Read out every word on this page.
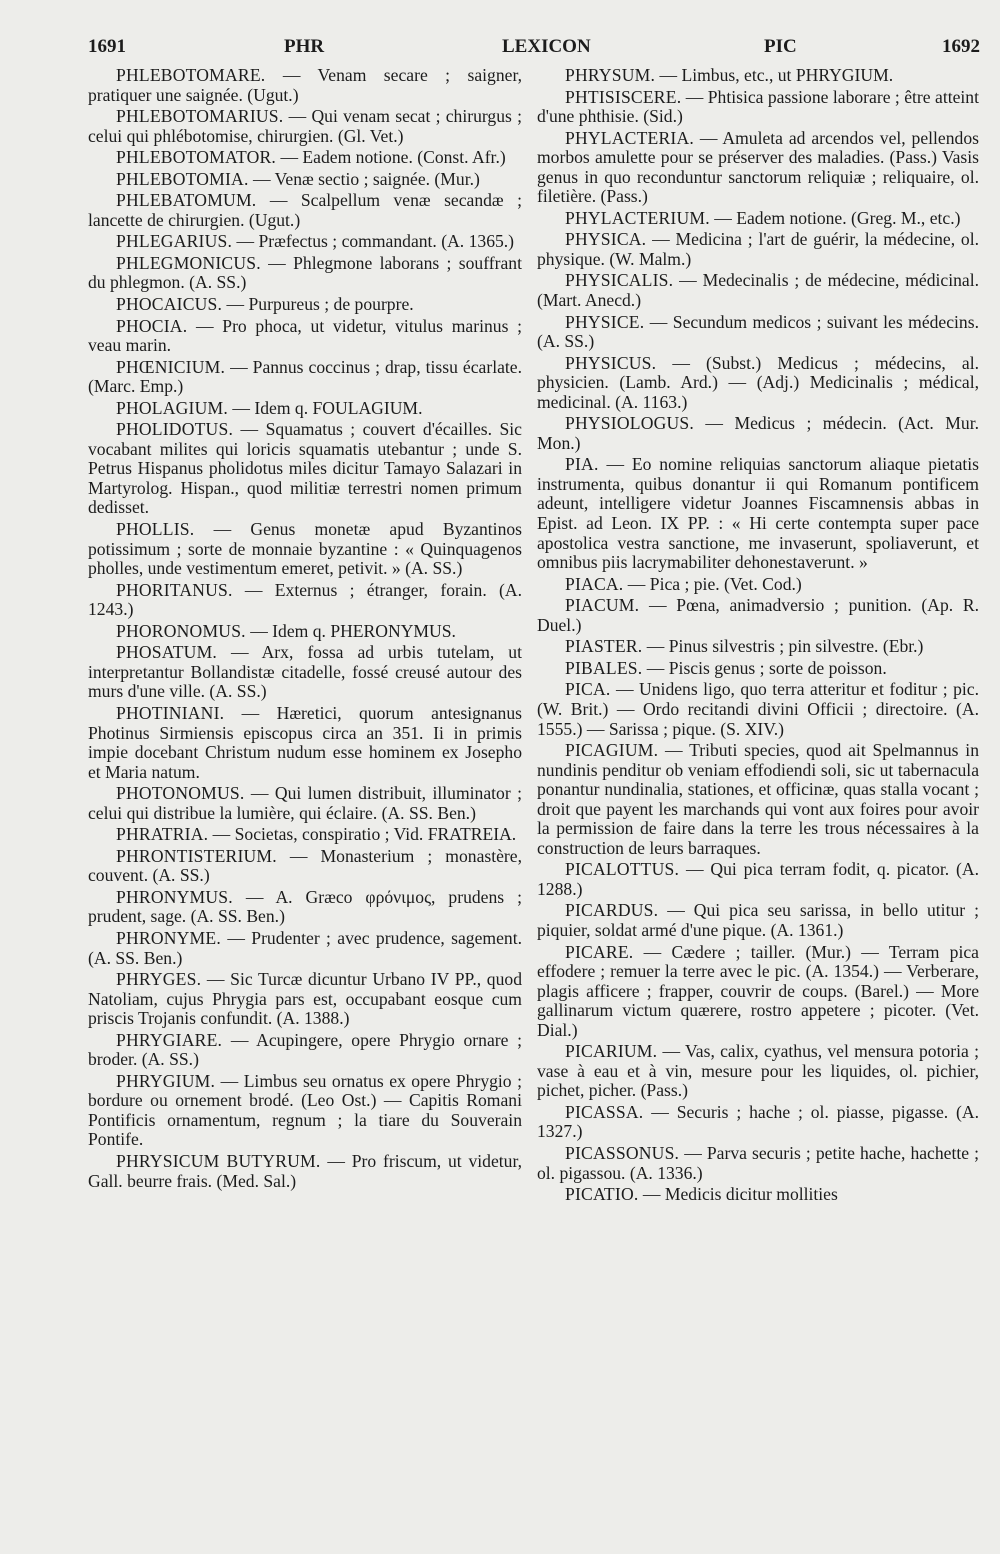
1691	PHR	LEXICON	PIC	1692

PHLEBOTOMARE. — Venam secare ; saigner, pratiquer une saignée. (Ugut.)

PHLEBOTOMARIUS. — Qui venam secat ; chirurgus ; celui qui phlébotomise, chirurgien. (Gl. Vet.)

PHLEBOTOMATOR. — Eadem notione. (Const. Afr.)

PHLEBOTOMIA. — Venæ sectio ; saignée. (Mur.)

PHLEBATOMUM. — Scalpellum venæ secandæ ; lancette de chirurgien. (Ugut.)

PHLEGARIUS. — Præfectus ; commandant. (A. 1365.)

PHLEGMONICUS. — Phlegmone laborans ; souffrant du phlegmon. (A. SS.)

PHOCAICUS. — Purpureus ; de pourpre.

PHOCIA. — Pro phoca, ut videtur, vitulus marinus ; veau marin.

PHŒNICIUM. — Pannus coccinus ; drap, tissu écarlate. (Marc. Emp.)

PHOLAGIUM. — Idem q. FOULAGIUM.

PHOLIDOTUS. — Squamatus ; couvert d'écailles. Sic vocabant milites qui loricis squamatis utebantur ; unde S. Petrus Hispanus pholidotus miles dicitur Tamayo Salazari in Martyrolog. Hispan., quod militiæ terrestri nomen primum dedisset.

PHOLLIS. — Genus monetæ apud Byzantinos potissimum ; sorte de monnaie byzantine : « Quinquagenos pholles, unde vestimentum emeret, petivit. » (A. SS.)

PHORITANUS. — Externus ; étranger, forain. (A. 1243.)

PHORONOMUS. — Idem q. PHERONYMUS.

PHOSATUM. — Arx, fossa ad urbis tutelam, ut interpretantur Bollandistæ citadelle, fossé creusé autour des murs d'une ville. (A. SS.)

PHOTINIANI. — Hæretici, quorum antesignanus Photinus Sirmiensis episcopus circa an 351. Ii in primis impie docebant Christum nudum esse hominem ex Josepho et Maria natum.

PHOTONOMUS. — Qui lumen distribuit, illuminator ; celui qui distribue la lumière, qui éclaire. (A. SS. Ben.)

PHRATRIA. — Societas, conspiratio ; Vid. FRATREIA.

PHRONTISTERIUM. — Monasterium ; monastère, couvent. (A. SS.)

PHRONYMUS. — A. Græco φρόνιμος, prudens ; prudent, sage. (A. SS. Ben.)

PHRONYME. — Prudenter ; avec prudence, sagement. (A. SS. Ben.)

PHRYGES. — Sic Turcæ dicuntur Urbano IV PP., quod Natoliam, cujus Phrygia pars est, occupabant eosque cum priscis Trojanis confundit. (A. 1388.)

PHRYGIARE. — Acupingere, opere Phrygio ornare ; broder. (A. SS.)

PHRYGIUM. — Limbus seu ornatus ex opere Phrygio ; bordure ou ornement brodé. (Leo Ost.) — Capitis Romani Pontificis ornamentum, regnum ; la tiare du Souverain Pontife.

PHRYSICUM BUTYRUM. — Pro friscum, ut videtur, Gall. beurre frais. (Med. Sal.)

PHRYSUM. — Limbus, etc., ut PHRYGIUM.

PHTISISCERE. — Phtisica passione laborare ; être atteint d'une phthisie. (Sid.)

PHYLACTERIA. — Amuleta ad arcendos vel, pellendos morbos amulette pour se préserver des maladies. (Pass.) Vasis genus in quo reconduntur sanctorum reliquiæ ; reliquaire, ol. filetière. (Pass.)

PHYLACTERIUM. — Eadem notione. (Greg. M., etc.)

PHYSICA. — Medicina ; l'art de guérir, la médecine, ol. physique. (W. Malm.)

PHYSICALIS. — Medecinalis ; de médecine, médicinal. (Mart. Anecd.)

PHYSICE. — Secundum medicos ; suivant les médecins. (A. SS.)

PHYSICUS. — (Subst.) Medicus ; médecins, al. physicien. (Lamb. Ard.) — (Adj.) Medicinalis ; médical, medicinal. (A. 1163.)

PHYSIOLOGUS. — Medicus ; médecin. (Act. Mur. Mon.)

PIA. — Eo nomine reliquias sanctorum aliaque pietatis instrumenta, quibus donantur ii qui Romanum pontificem adeunt, intelligere videtur Joannes Fiscamnensis abbas in Epist. ad Leon. IX PP. : « Hi certe contempta super pace apostolica vestra sanctione, me invaserunt, spoliaverunt, et omnibus piis lacrymabiliter dehonestaverunt. »

PIACA. — Pica ; pie. (Vet. Cod.)

PIACUM. — Pœna, animadversio ; punition. (Ap. R. Duel.)

PIASTER. — Pinus silvestris ; pin silvestre. (Ebr.)

PIBALES. — Piscis genus ; sorte de poisson.

PICA. — Unidens ligo, quo terra atteritur et foditur ; pic. (W. Brit.) — Ordo recitandi divini Officii ; directoire. (A. 1555.) — Sarissa ; pique. (S. XIV.)

PICAGIUM. — Tributi species, quod ait Spelmannus in nundinis penditur ob veniam effodiendi soli, sic ut tabernacula ponantur nundinalia, stationes, et officinæ, quas stalla vocant ; droit que payent les marchands qui vont aux foires pour avoir la permission de faire dans la terre les trous nécessaires à la construction de leurs barraques.

PICALOTTUS. — Qui pica terram fodit, q. picator. (A. 1288.)

PICARDUS. — Qui pica seu sarissa, in bello utitur ; piquier, soldat armé d'une pique. (A. 1361.)

PICARE. — Cædere ; tailler. (Mur.) — Terram pica effodere ; remuer la terre avec le pic. (A. 1354.) — Verberare, plagis afficere ; frapper, couvrir de coups. (Barel.) — More gallinarum victum quærere, rostro appetere ; picoter. (Vet. Dial.)

PICARIUM. — Vas, calix, cyathus, vel mensura potoria ; vase à eau et à vin, mesure pour les liquides, ol. pichier, pichet, picher. (Pass.)

PICASSA. — Securis ; hache ; ol. piasse, pigasse. (A. 1327.)

PICASSONUS. — Parva securis ; petite hache, hachette ; ol. pigassou. (A. 1336.)

PICATIO. — Medicis dicitur mollities
